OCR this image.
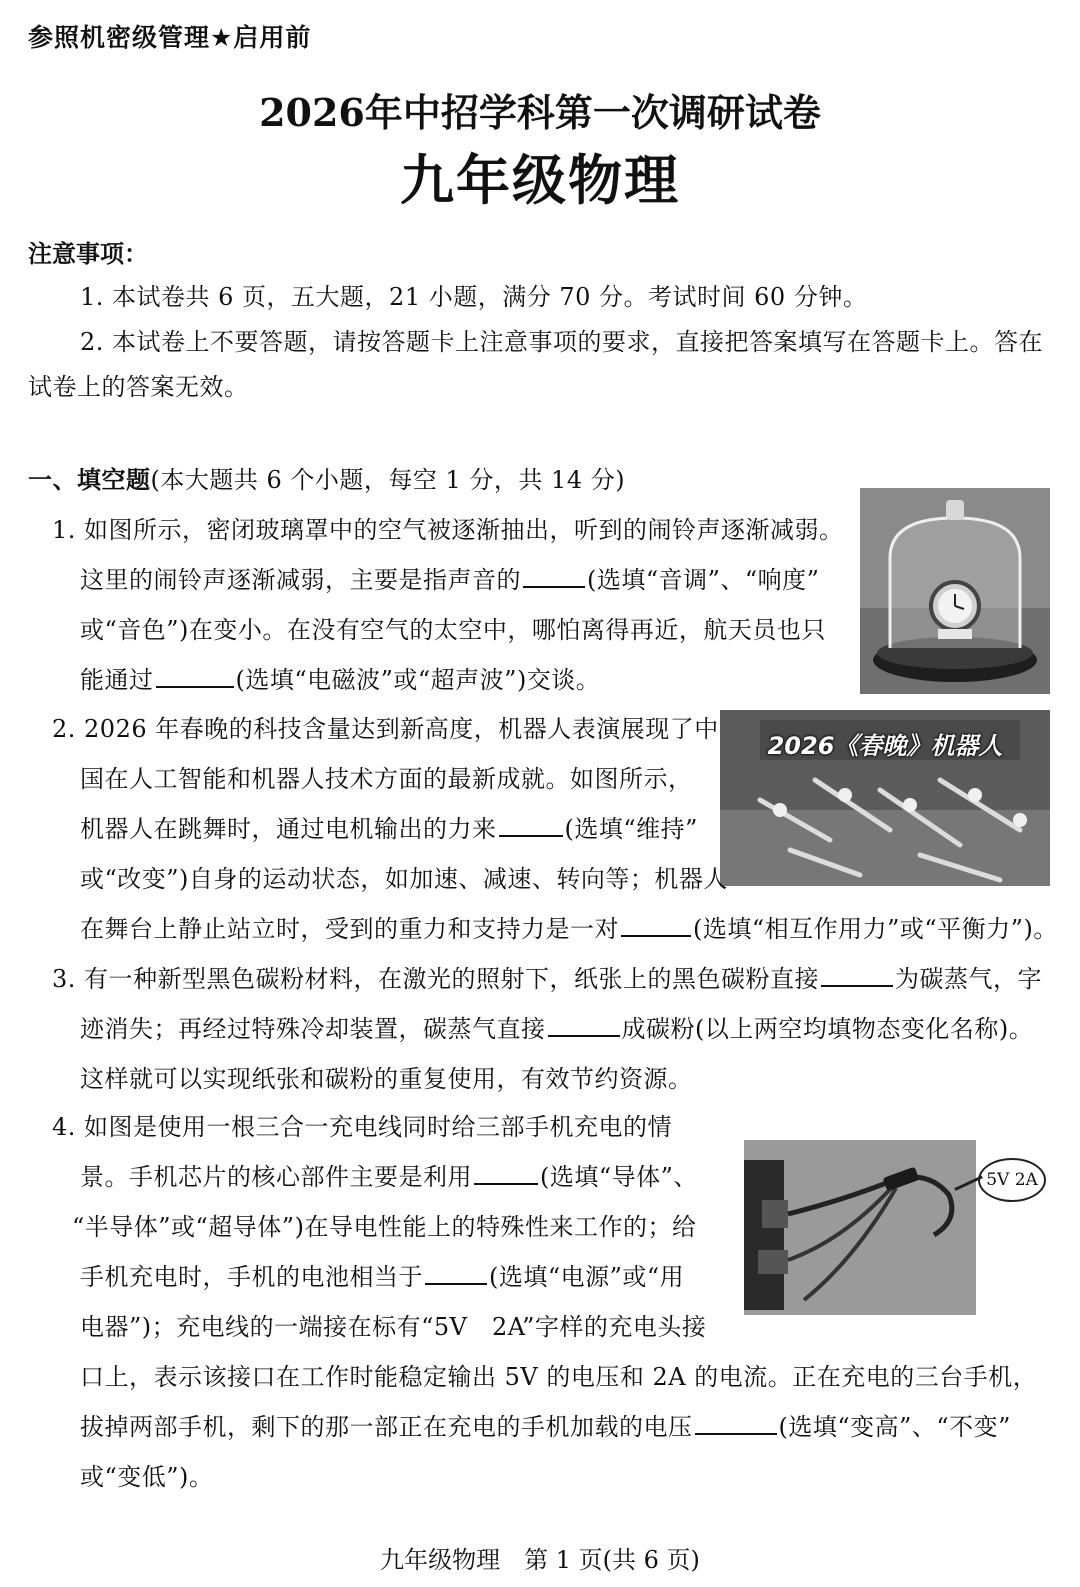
参照机密级管理★启用前
2026年中招学科第一次调研试卷
九年级物理
注意事项：
1. 本试卷共 6 页，五大题，21 小题，满分 70 分。考试时间 60 分钟。
2. 本试卷上不要答题，请按答题卡上注意事项的要求，直接把答案填写在答题卡上。答在
试卷上的答案无效。
一、填空题(本大题共 6 个小题，每空 1 分，共 14 分)
1. 如图所示，密闭玻璃罩中的空气被逐渐抽出，听到的闹铃声逐渐减弱。
这里的闹铃声逐渐减弱，主要是指声音的	(选填“音调”、“响度”
或“音色”)在变小。在没有空气的太空中，哪怕离得再近，航天员也只
能通过	(选填“电磁波”或“超声波”)交谈。
2026《春晚》机器人
2. 2026 年春晚的科技含量达到新高度，机器人表演展现了中
国在人工智能和机器人技术方面的最新成就。如图所示，
机器人在跳舞时，通过电机输出的力来	(选填“维持”
或“改变”)自身的运动状态，如加速、减速、转向等；机器人
在舞台上静止站立时，受到的重力和支持力是一对	(选填“相互作用力”或“平衡力”)。
3. 有一种新型黑色碳粉材料，在激光的照射下，纸张上的黑色碳粉直接	为碳蒸气，字
迹消失；再经过特殊冷却装置，碳蒸气直接	成碳粉(以上两空均填物态变化名称)。
这样就可以实现纸张和碳粉的重复使用，有效节约资源。
5V 2A
4. 如图是使用一根三合一充电线同时给三部手机充电的情
景。手机芯片的核心部件主要是利用	(选填“导体”、
“半导体”或“超导体”)在导电性能上的特殊性来工作的；给
手机充电时，手机的电池相当于	(选填“电源”或“用
电器”)；充电线的一端接在标有“5V　2A”字样的充电头接
口上，表示该接口在工作时能稳定输出 5V 的电压和 2A 的电流。正在充电的三台手机，
拔掉两部手机，剩下的那一部正在充电的手机加载的电压	(选填“变高”、“不变”
或“变低”)。
九年级物理　第 1 页(共 6 页)
